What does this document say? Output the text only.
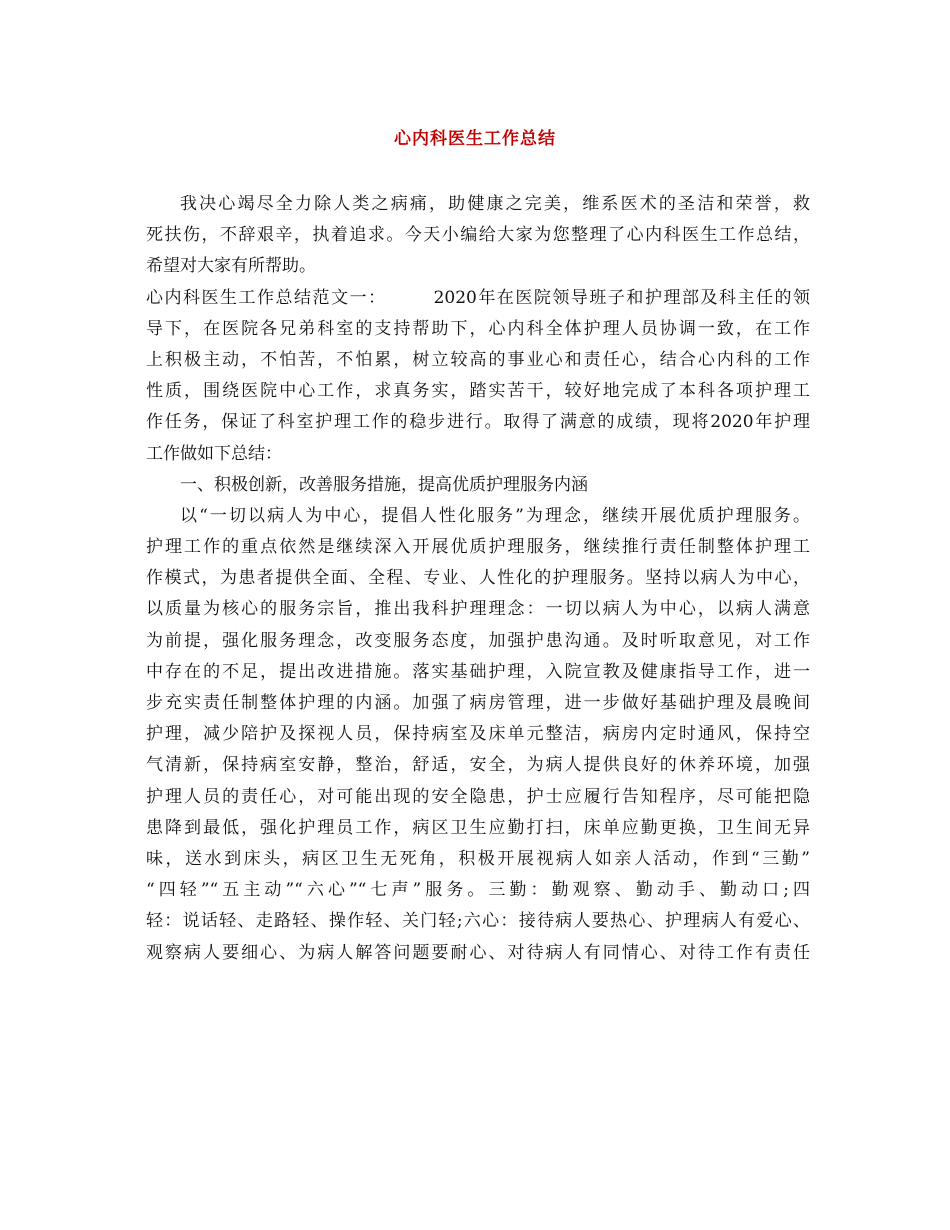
心内科医生工作总结
我决心竭尽全力除人类之病痛，助健康之完美，维系医术的圣洁和荣誉，救
死扶伤，不辞艰辛，执着追求。今天小编给大家为您整理了心内科医生工作总结，
希望对大家有所帮助。
心内科医生工作总结范文一：　　　2020年在医院领导班子和护理部及科主任的领
导下，在医院各兄弟科室的支持帮助下，心内科全体护理人员协调一致，在工作
上积极主动，不怕苦，不怕累，树立较高的事业心和责任心，结合心内科的工作
性质，围绕医院中心工作，求真务实，踏实苦干，较好地完成了本科各项护理工
作任务，保证了科室护理工作的稳步进行。取得了满意的成绩，现将2020年护理
工作做如下总结：
一、积极创新，改善服务措施，提高优质护理服务内涵
以“一切以病人为中心，提倡人性化服务”为理念，继续开展优质护理服务。
护理工作的重点依然是继续深入开展优质护理服务，继续推行责任制整体护理工
作模式，为患者提供全面、全程、专业、人性化的护理服务。坚持以病人为中心，
以质量为核心的服务宗旨，推出我科护理理念：一切以病人为中心，以病人满意
为前提，强化服务理念，改变服务态度，加强护患沟通。及时听取意见，对工作
中存在的不足，提出改进措施。落实基础护理，入院宣教及健康指导工作，进一
步充实责任制整体护理的内涵。加强了病房管理，进一步做好基础护理及晨晚间
护理，减少陪护及探视人员，保持病室及床单元整洁，病房内定时通风，保持空
气清新，保持病室安静，整治，舒适，安全，为病人提供良好的休养环境，加强
护理人员的责任心，对可能出现的安全隐患，护士应履行告知程序，尽可能把隐
患降到最低，强化护理员工作，病区卫生应勤打扫，床单应勤更换，卫生间无异
味，送水到床头，病区卫生无死角，积极开展视病人如亲人活动，作到“三勤”
“四轻”“五主动”“六心”“七声”服务。三勤：勤观察、勤动手、勤动口;四
轻：说话轻、走路轻、操作轻、关门轻;六心：接待病人要热心、护理病人有爱心、
观察病人要细心、为病人解答问题要耐心、对待病人有同情心、对待工作有责任
